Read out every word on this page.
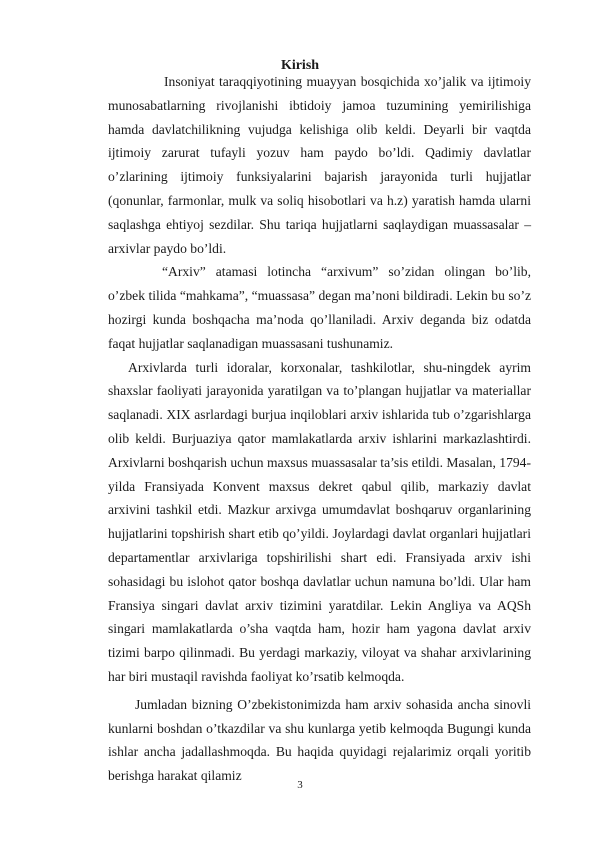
Kirish

Insoniyat taraqqiyotining muayyan bosqichida xo’jalik va ijtimoiy munosabatlarning rivojlanishi ibtidoiy jamoa tuzumining yemirilishiga hamda davlatchilikning vujudga kelishiga olib keldi. Deyarli bir vaqtda ijtimoiy zarurat tufayli yozuv ham paydo bo’ldi. Qadimiy davlatlar o’zlarining ijtimoiy funksiyalarini bajarish jarayonida turli hujjatlar (qonunlar, farmonlar, mulk va soliq hisobotlari va h.z) yaratish hamda ularni saqlashga ehtiyoj sezdilar. Shu tariqa hujjatlarni saqlaydigan muassasalar – arxivlar paydo bo’ldi.

“Arxiv” atamasi lotincha “arxivum” so’zidan olingan bo’lib, o’zbek tilida “mahkama”, “muassasa” degan ma’noni bildiradi. Lekin bu so’z hozirgi kunda boshqacha ma’noda qo’llaniladi. Arxiv deganda biz odatda faqat hujjatlar saqlanadigan muassasani tushunamiz.

Arxivlarda turli idoralar, korxonalar, tashkilotlar, shu-ningdek ayrim shaxslar faoliyati jarayonida yaratilgan va to’plangan hujjatlar va materiallar saqlanadi. XIX asrlardagi burjua inqiloblari arxiv ishlarida tub o’zgarishlarga olib keldi. Burjuaziya qator mamlakatlarda arxiv ishlarini markazlashtirdi. Arxivlarni boshqarish uchun maxsus muassasalar ta’sis etildi. Masalan, 1794-yilda Fransiyada Konvent maxsus dekret qabul qilib, markaziy davlat arxivini tashkil etdi. Mazkur arxivga umumdavlat boshqaruv organlarining hujjatlarini topshirish shart etib qo’yildi. Joylardagi davlat organlari hujjatlari departamentlar arxivlariga topshirilishi shart edi. Fransiyada arxiv ishi sohasidagi bu islohot qator boshqa davlatlar uchun namuna bo’ldi. Ular ham Fransiya singari davlat arxiv tizimini yaratdilar. Lekin Angliya va AQSh singari mamlakatlarda o’sha vaqtda ham, hozir ham yagona davlat arxiv tizimi barpo qilinmadi. Bu yerdagi markaziy, viloyat va shahar arxivlarining har biri mustaqil ravishda faoliyat ko’rsatib kelmoqda.

Jumladan bizning O’zbekistonimizda ham arxiv sohasida ancha sinovli kunlarni boshdan o’tkazdilar va shu kunlarga yetib kelmoqda Bugungi kunda ishlar ancha jadallashmoqda. Bu haqida quyidagi rejalarimiz orqali yoritib berishga harakat qilamiz

3
